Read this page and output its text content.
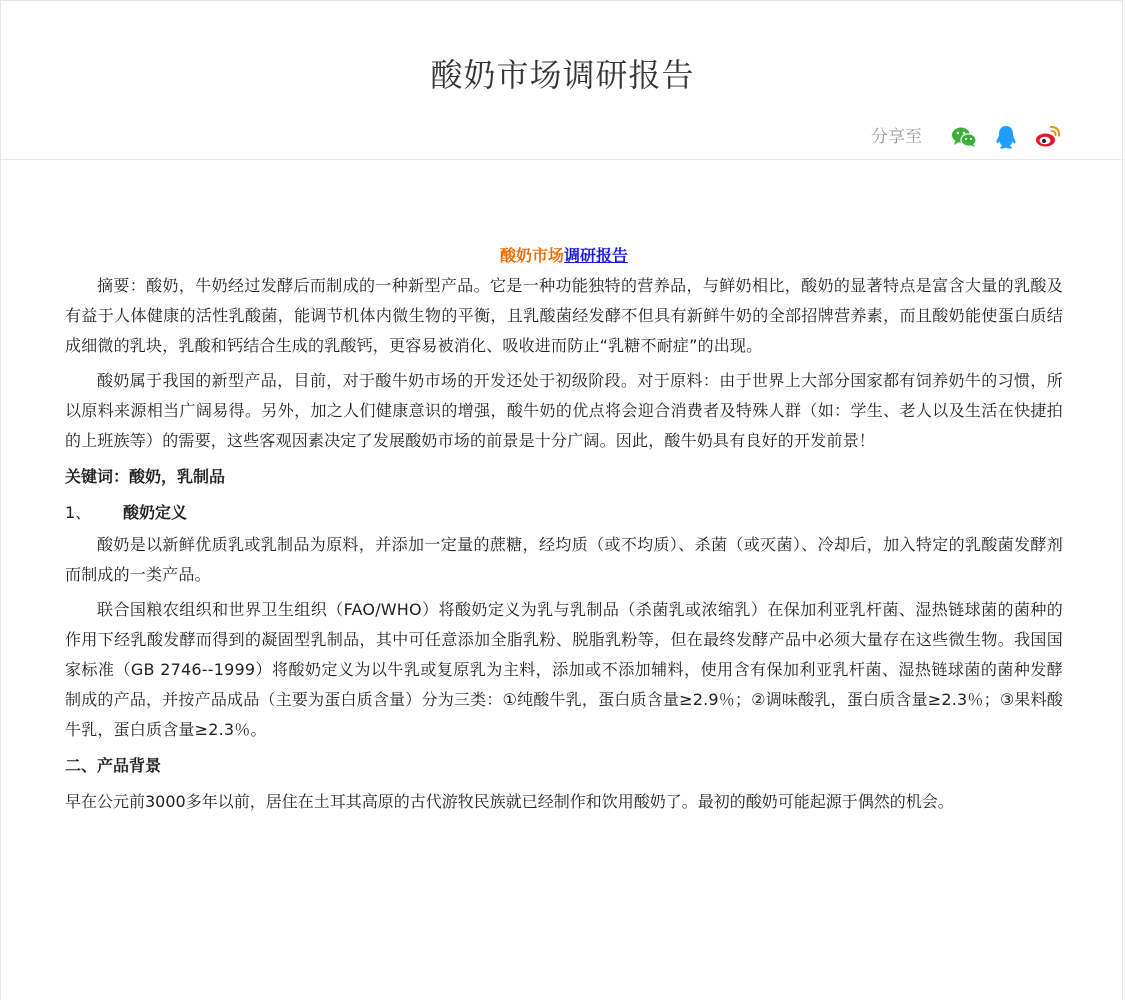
酸奶市场调研报告
分享至

酸奶市场调研报告

摘要：酸奶，牛奶经过发酵后而制成的一种新型产品。它是一种功能独特的营养品，与鲜奶相比，酸奶的显著特点是富含大量的乳酸及有益于人体健康的活性乳酸菌，能调节机体内微生物的平衡，且乳酸菌经发酵不但具有新鲜牛奶的全部招牌营养素，而且酸奶能使蛋白质结成细微的乳块，乳酸和钙结合生成的乳酸钙，更容易被消化、吸收进而防止“乳糖不耐症”的出现。

酸奶属于我国的新型产品，目前，对于酸牛奶市场的开发还处于初级阶段。对于原料：由于世界上大部分国家都有饲养奶牛的习惯，所以原料来源相当广阔易得。另外，加之人们健康意识的增强，酸牛奶的优点将会迎合消费者及特殊人群（如：学生、老人以及生活在快捷拍的上班族等）的需要，这些客观因素决定了发展酸奶市场的前景是十分广阔。因此，酸牛奶具有良好的开发前景！

关键词：酸奶，乳制品

1、	酸奶定义

酸奶是以新鲜优质乳或乳制品为原料，并添加一定量的蔗糖，经均质（或不均质）、杀菌（或灭菌）、冷却后，加入特定的乳酸菌发酵剂而制成的一类产品。

联合国粮农组织和世界卫生组织（FAO/WHO）将酸奶定义为乳与乳制品（杀菌乳或浓缩乳）在保加利亚乳杆菌、湿热链球菌的菌种的作用下经乳酸发酵而得到的凝固型乳制品，其中可任意添加全脂乳粉、脱脂乳粉等，但在最终发酵产品中必须大量存在这些微生物。我国国家标准（GB 2746--1999）将酸奶定义为以牛乳或复原乳为主料，添加或不添加辅料，使用含有保加利亚乳杆菌、湿热链球菌的菌种发酵制成的产品，并按产品成品（主要为蛋白质含量）分为三类：①纯酸牛乳，蛋白质含量≥2.9％；②调味酸乳，蛋白质含量≥2.3％；③果料酸牛乳，蛋白质含量≥2.3％。

二、产品背景

早在公元前3000多年以前，居住在土耳其高原的古代游牧民族就已经制作和饮用酸奶了。最初的酸奶可能起源于偶然的机会。
